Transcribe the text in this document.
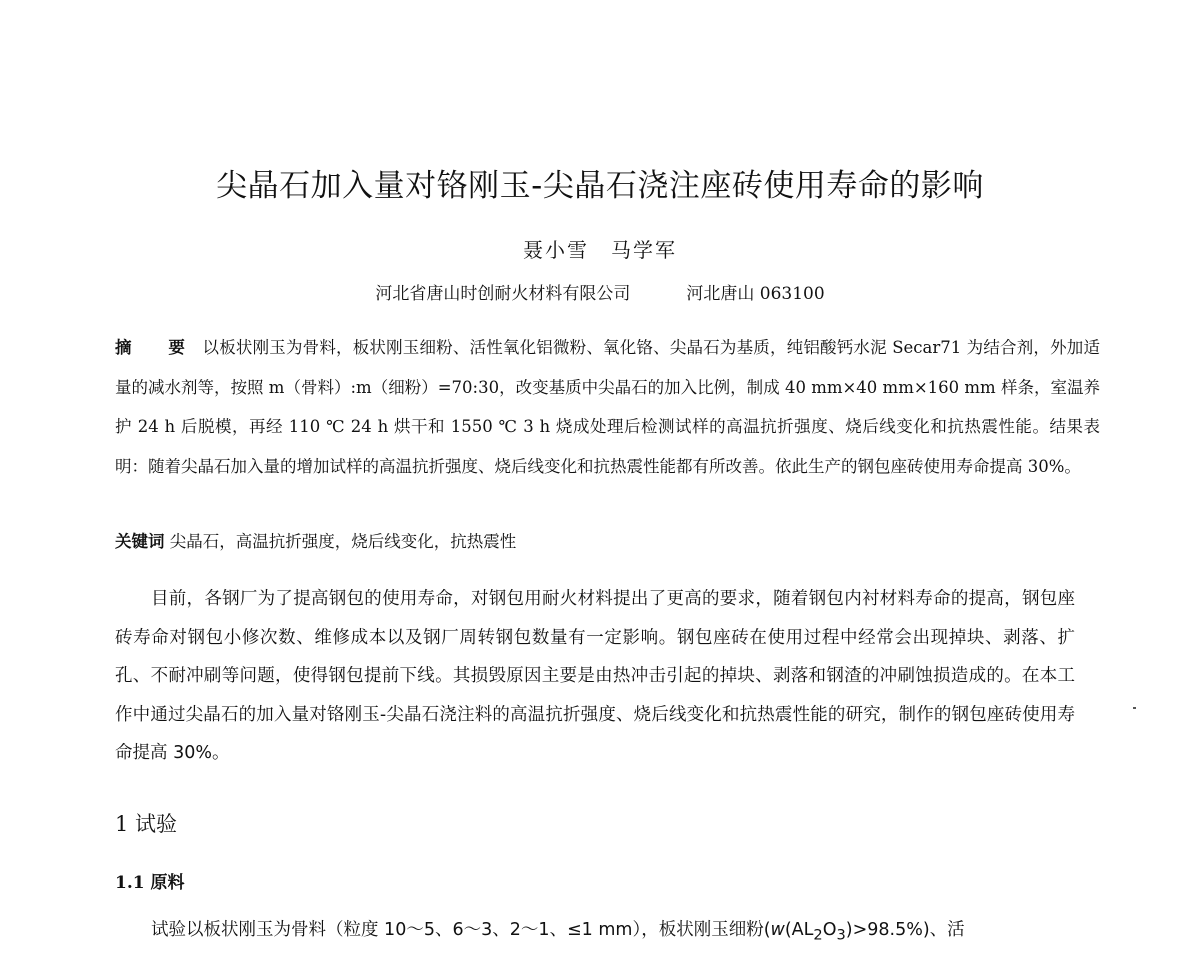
尖晶石加入量对铬刚玉-尖晶石浇注座砖使用寿命的影响
聂小雪　马学军
河北省唐山时创耐火材料有限公司	河北唐山 063100

摘　要 以板状刚玉为骨料，板状刚玉细粉、活性氧化铝微粉、氧化铬、尖晶石为基质，纯铝酸钙水泥 Secar71 为结合剂，外加适量的减水剂等，按照 m（骨料）:m（细粉）=70:30，改变基质中尖晶石的加入比例，制成 40 mm×40 mm×160 mm 样条，室温养护 24 h 后脱模，再经 110 ℃ 24 h 烘干和 1550 ℃ 3 h 烧成处理后检测试样的高温抗折强度、烧后线变化和抗热震性能。结果表明：随着尖晶石加入量的增加试样的高温抗折强度、烧后线变化和抗热震性能都有所改善。依此生产的钢包座砖使用寿命提高 30%。

关键词 尖晶石，高温抗折强度，烧后线变化，抗热震性

目前，各钢厂为了提高钢包的使用寿命，对钢包用耐火材料提出了更高的要求，随着钢包内衬材料寿命的提高，钢包座砖寿命对钢包小修次数、维修成本以及钢厂周转钢包数量有一定影响。钢包座砖在使用过程中经常会出现掉块、剥落、扩孔、不耐冲刷等问题，使得钢包提前下线。其损毁原因主要是由热冲击引起的掉块、剥落和钢渣的冲刷蚀损造成的。在本工作中通过尖晶石的加入量对铬刚玉-尖晶石浇注料的高温抗折强度、烧后线变化和抗热震性能的研究，制作的钢包座砖使用寿命提高 30%。

1 试验
1.1 原料

试验以板状刚玉为骨料（粒度 10～5、6～3、2～1、≤1 mm），板状刚玉细粉$(w(AL_2O_3)>98.5\%)$、活
